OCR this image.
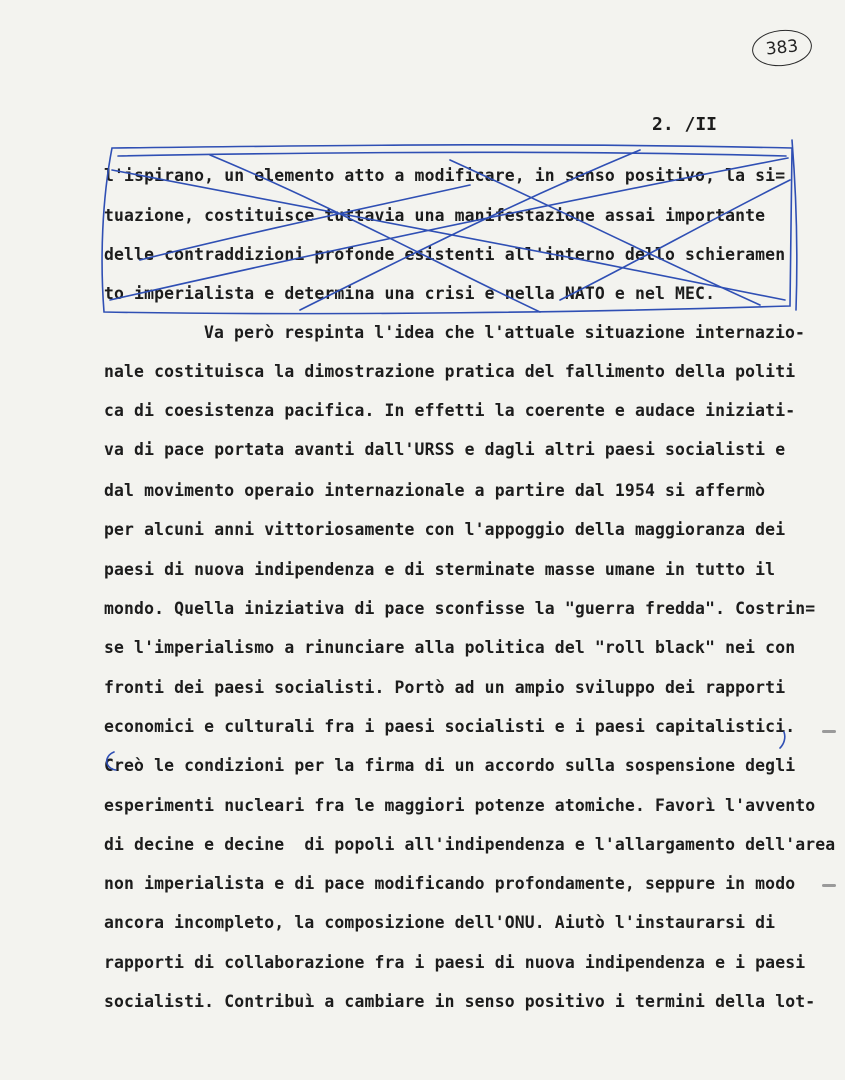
383
2. /II
l'ispirano, un elemento atto a modificare, in senso positivo, la si=
tuazione, costituisce tuttavia una manifestazione assai importante
delle contraddizioni profonde esistenti all'interno dello schieramen
to imperialista e determina una crisi e nella NATO e nel MEC.
Va però respinta l'idea che l'attuale situazione internazio-
nale costituisca la dimostrazione pratica del fallimento della politi
ca di coesistenza pacifica. In effetti la coerente e audace iniziati-
va di pace portata avanti dall'URSS e dagli altri paesi socialisti e
dal movimento operaio internazionale a partire dal 1954 si affermò
per alcuni anni vittoriosamente con l'appoggio della maggioranza dei
paesi di nuova indipendenza e di sterminate masse umane in tutto il
mondo. Quella iniziativa di pace sconfisse la "guerra fredda". Costrin=
se l'imperialismo a rinunciare alla politica del "roll black" nei con
fronti dei paesi socialisti. Portò ad un ampio sviluppo dei rapporti
economici e culturali fra i paesi socialisti e i paesi capitalistici.
Creò le condizioni per la firma di un accordo sulla sospensione degli
esperimenti nucleari fra le maggiori potenze atomiche. Favorì l'avvento
di decine e decine  di popoli all'indipendenza e l'allargamento dell'area
non imperialista e di pace modificando profondamente, seppure in modo
ancora incompleto, la composizione dell'ONU. Aiutò l'instaurarsi di
rapporti di collaborazione fra i paesi di nuova indipendenza e i paesi
socialisti. Contribuì a cambiare in senso positivo i termini della lot-
